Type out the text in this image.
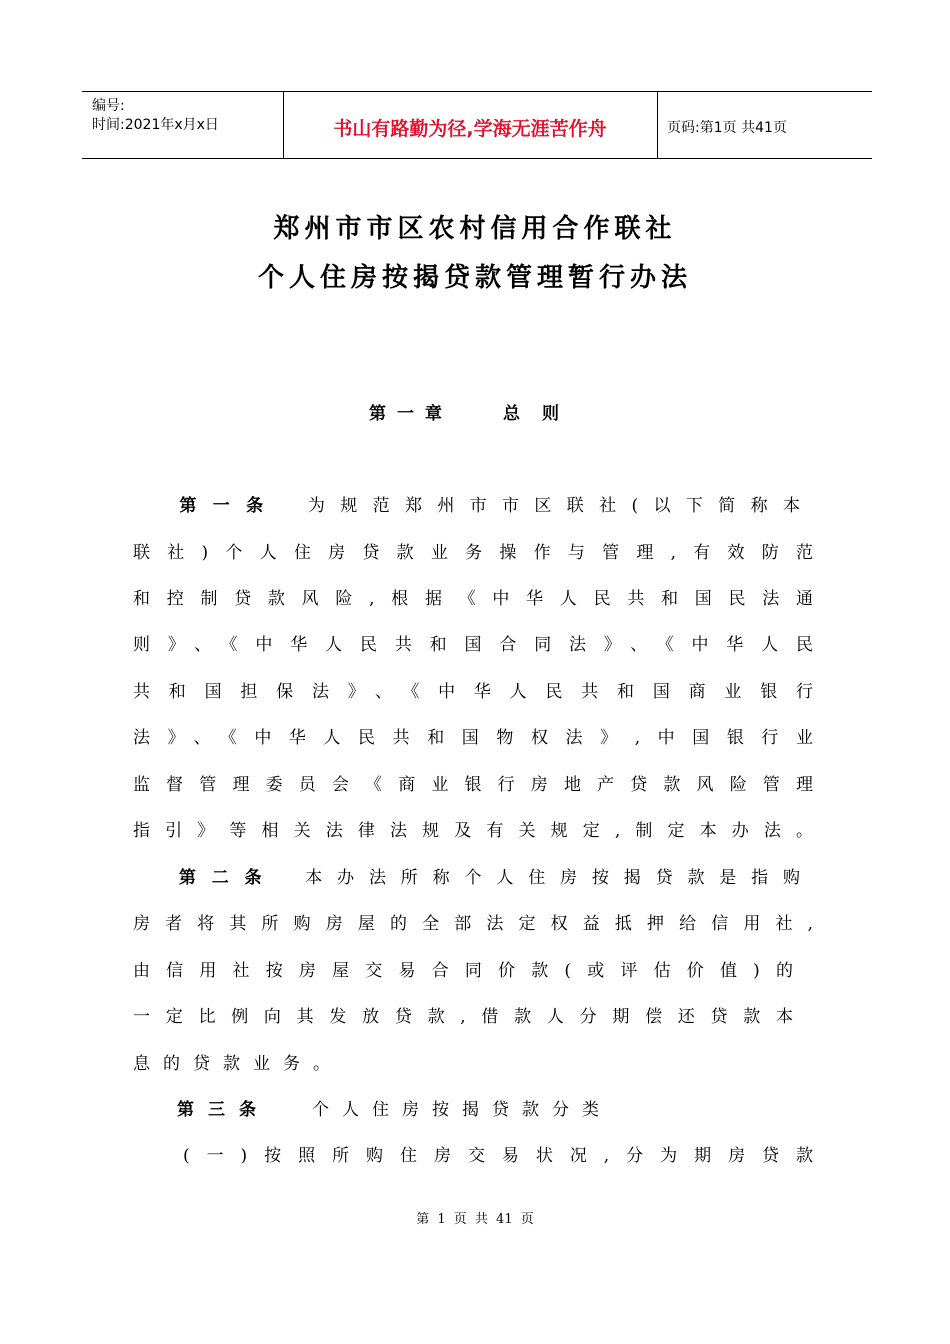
编号:
时间:2021年x月x日	书山有路勤为径,学海无涯苦作舟	页码:第1页 共41页
郑州市市区农村信用合作联社
个人住房按揭贷款管理暂行办法
第一章	总则
第一条 为规范郑州市市区联社(以下简称本
联社)个人住房贷款业务操作与管理,有效防范
和控制贷款风险,根据《中华人民共和国民法通
则》、《中华人民共和国合同法》、《中华人民
共和国担保法》、《中华人民共和国商业银行
法》、《中华人民共和国物权法》,中国银行业
监督管理委员会《商业银行房地产贷款风险管理
指引》等相关法律法规及有关规定,制定本办法。
第二条 本办法所称个人住房按揭贷款是指购
房者将其所购房屋的全部法定权益抵押给信用社,
由信用社按房屋交易合同价款(或评估价值)的
一定比例向其发放贷款,借款人分期偿还贷款本
息的贷款业务。
第三条 个人住房按揭贷款分类
(一)按照所购住房交易状况,分为期房贷款
第 1 页 共 41 页
